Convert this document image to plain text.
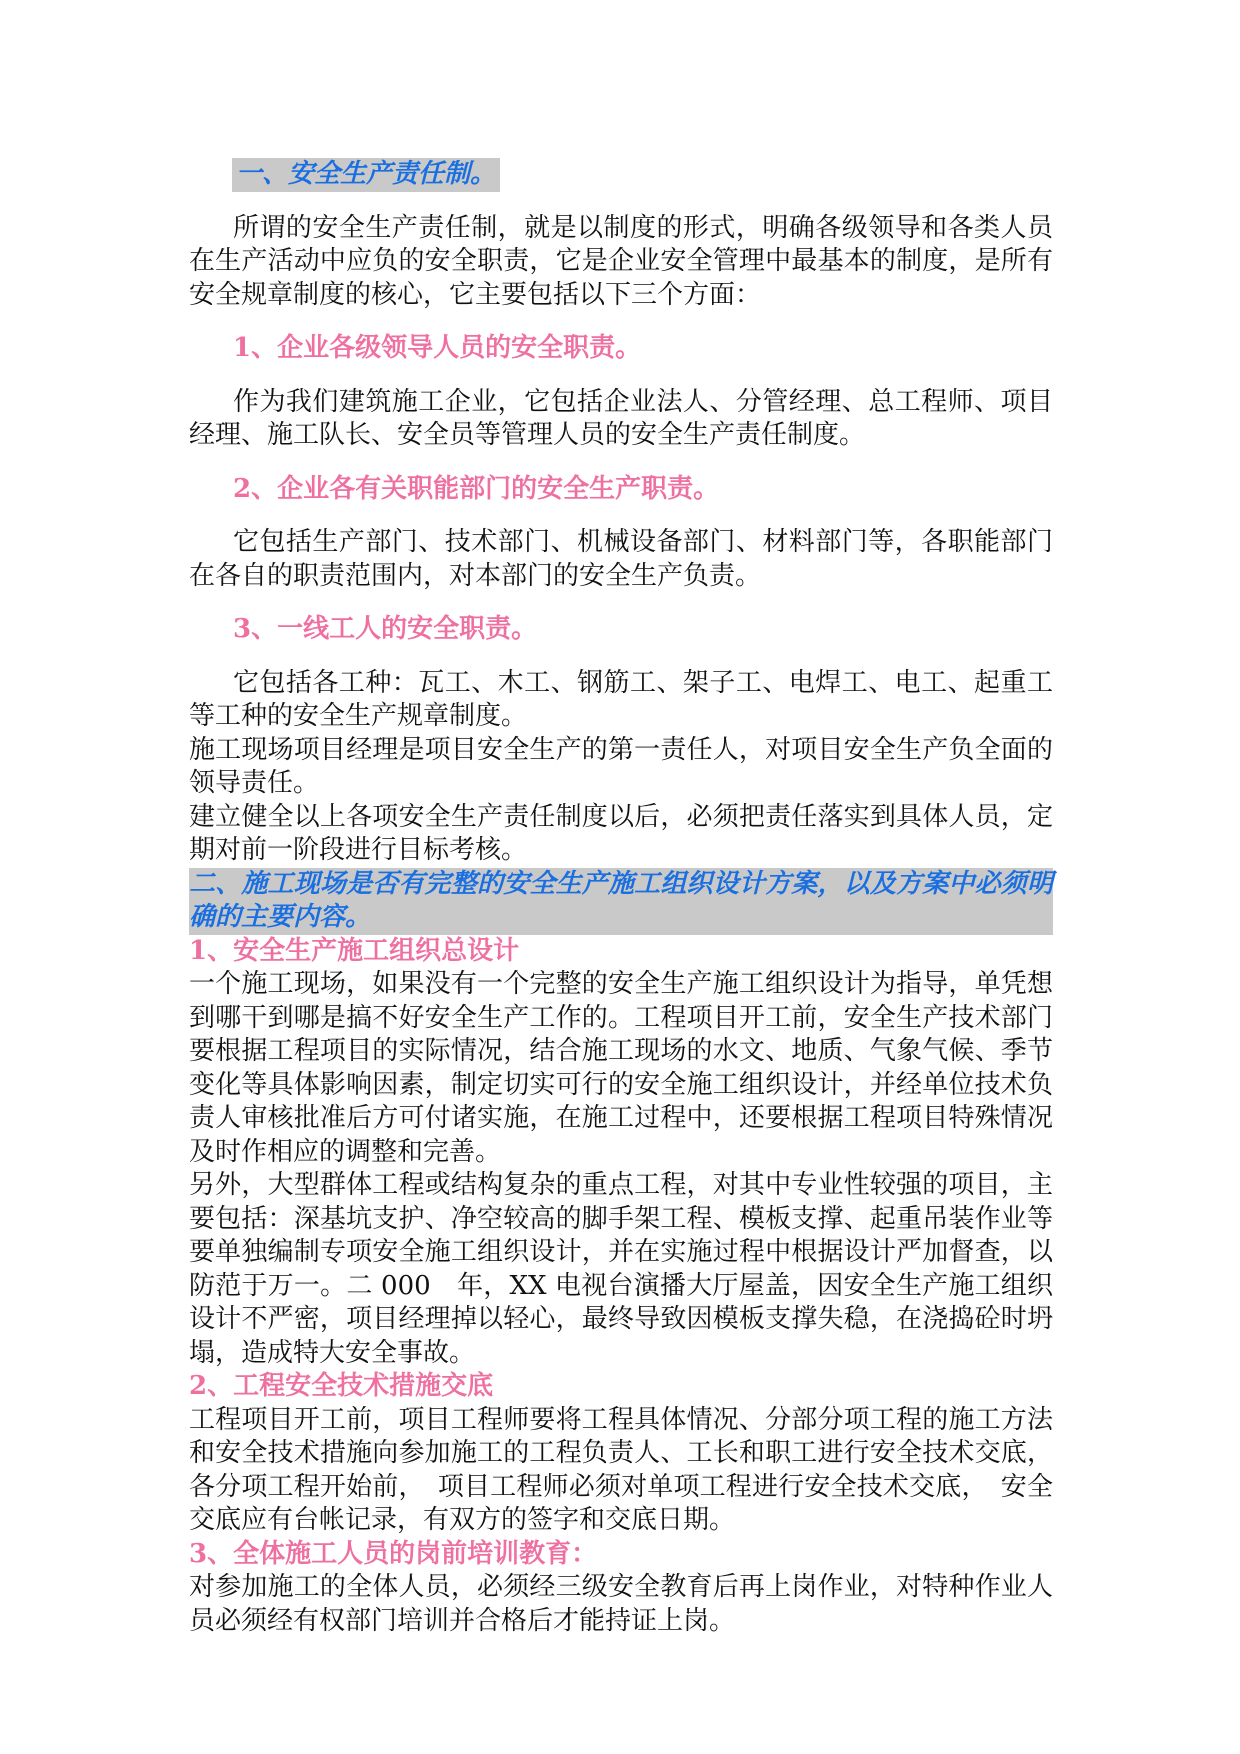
一、安全生产责任制。

所谓的安全生产责任制，就是以制度的形式，明确各级领导和各类人员在生产活动中应负的安全职责，它是企业安全管理中最基本的制度，是所有安全规章制度的核心，它主要包括以下三个方面：

1、企业各级领导人员的安全职责。

作为我们建筑施工企业，它包括企业法人、分管经理、总工程师、项目经理、施工队长、安全员等管理人员的安全生产责任制度。

2、企业各有关职能部门的安全生产职责。

它包括生产部门、技术部门、机械设备部门、材料部门等，各职能部门在各自的职责范围内，对本部门的安全生产负责。

3、一线工人的安全职责。

它包括各工种：瓦工、木工、钢筋工、架子工、电焊工、电工、起重工等工种的安全生产规章制度。

施工现场项目经理是项目安全生产的第一责任人，对项目安全生产负全面的领导责任。

建立健全以上各项安全生产责任制度以后，必须把责任落实到具体人员，定期对前一阶段进行目标考核。

二、施工现场是否有完整的安全生产施工组织设计方案，以及方案中必须明确的主要内容。

1、安全生产施工组织总设计

一个施工现场，如果没有一个完整的安全生产施工组织设计为指导，单凭想到哪干到哪是搞不好安全生产工作的。工程项目开工前，安全生产技术部门要根据工程项目的实际情况，结合施工现场的水文、地质、气象气候、季节变化等具体影响因素，制定切实可行的安全施工组织设计，并经单位技术负责人审核批准后方可付诸实施，在施工过程中，还要根据工程项目特殊情况及时作相应的调整和完善。

另外，大型群体工程或结构复杂的重点工程，对其中专业性较强的项目，主要包括：深基坑支护、净空较高的脚手架工程、模板支撑、起重吊装作业等要单独编制专项安全施工组织设计，并在实施过程中根据设计严加督查，以防范于万一。二 000　年，XX 电视台演播大厅屋盖，因安全生产施工组织设计不严密，项目经理掉以轻心，最终导致因模板支撑失稳，在浇捣砼时坍塌，造成特大安全事故。

2、工程安全技术措施交底

工程项目开工前，项目工程师要将工程具体情况、分部分项工程的施工方法和安全技术措施向参加施工的工程负责人、工长和职工进行安全技术交底，各分项工程开始前，　项目工程师必须对单项工程进行安全技术交底，　安全交底应有台帐记录，有双方的签字和交底日期。

3、全体施工人员的岗前培训教育：

对参加施工的全体人员，必须经三级安全教育后再上岗作业，对特种作业人员必须经有权部门培训并合格后才能持证上岗。
